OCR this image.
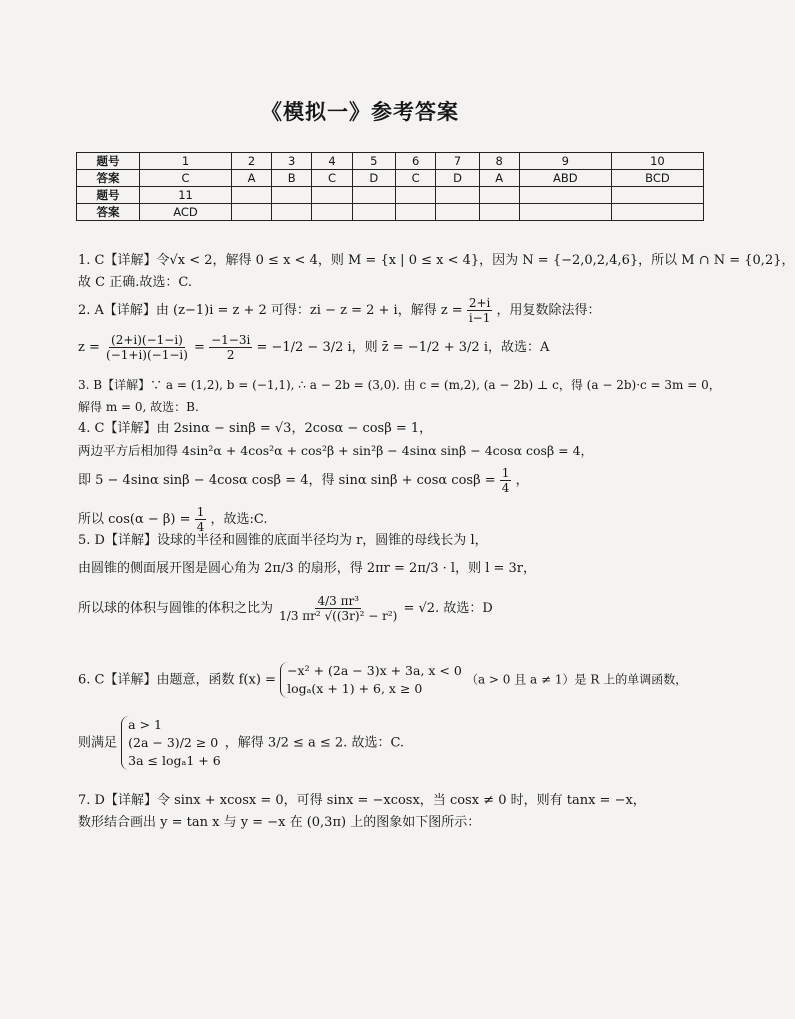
《模拟一》参考答案
题号	1	2	3	4	5	6	7	8	9	10
答案	C	A	B	C	D	C	D	A	ABD	BCD
题号	11									
答案	ACD									
1. C【详解】令√x < 2，解得 0 ≤ x < 4，则 M = {x | 0 ≤ x < 4}，因为 N = {−2,0,2,4,6}，所以 M ∩ N = {0,2}，
故 C 正确.故选：C.
2. A【详解】由 (z−1)i = z + 2 可得：zi − z = 2 + i，解得 $z = \frac{2+i}{i-1}$ ，用复数除法得：
$z = \frac{(2+i)(-1-i)}{(-1+i)(-1-i)} = \frac{-1-3i}{2} = -1/2 - 3/2$ i，则 z̄ = −1/2 + 3/2 i，故选：A
3. B【详解】∵ a = (1,2), b = (−1,1), ∴ a − 2b = (3,0). 由 c = (m,2), (a − 2b) ⊥ c，得 (a − 2b)·c = 3m = 0，
解得 m = 0, 故选：B.
4. C【详解】由 2sinα − sinβ = √3，2cosα − cosβ = 1，
两边平方后相加得 4sin²α + 4cos²α + cos²β + sin²β − 4sinα sinβ − 4cosα cosβ = 4，
即 5 − 4sinα sinβ − 4cosα cosβ = 4，得 sinα sinβ + cosα $\cos\beta = \frac{1}{4}$ ，
所以 $\cos(\alpha - \beta) = \frac{1}{4}$ ，故选:C.
5. D【详解】设球的半径和圆锥的底面半径均为 r，圆锥的母线长为 l，
由圆锥的侧面展开图是圆心角为 2π/3 的扇形，得 2πr = 2π/3 · l，则 l = 3r，
所以球的体积与圆锥的体积之比为 $\frac{\text{4/3 πr³}}{\text{1/3 πr² √((3r)² − r²)}} = √2$. 故选：D
6. C【详解】由题意，函数 f(x) =
−x² + (2a − 3)x + 3a, x < 0
logₐ(x + 1) + 6, x ≥ 0
（a > 0 且 a ≠ 1）是 R 上的单调函数，
则满足
a > 1
(2a − 3)/2 ≥ 0
3a ≤ logₐ1 + 6
，解得 3/2 ≤ a ≤ 2. 故选：C.
7. D【详解】令 sinx + xcosx = 0，可得 sinx = −xcosx，当 cosx ≠ 0 时，则有 tanx = −x，
数形结合画出 y = tan x 与 y = −x 在 (0,3π) 上的图象如下图所示：
